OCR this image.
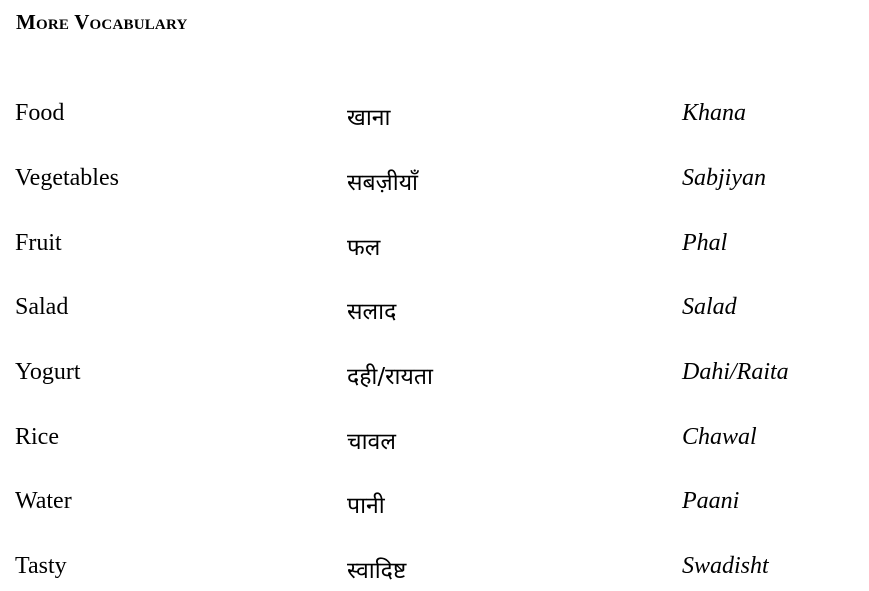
More Vocabulary
Food	खाना	Khana
Vegetables	सबज़ीयाँ	Sabjiyan
Fruit	फल	Phal
Salad	सलाद	Salad
Yogurt	दही/रायता	Dahi/Raita
Rice	चावल	Chawal
Water	पानी	Paani
Tasty	स्वादिष्ट	Swadisht
